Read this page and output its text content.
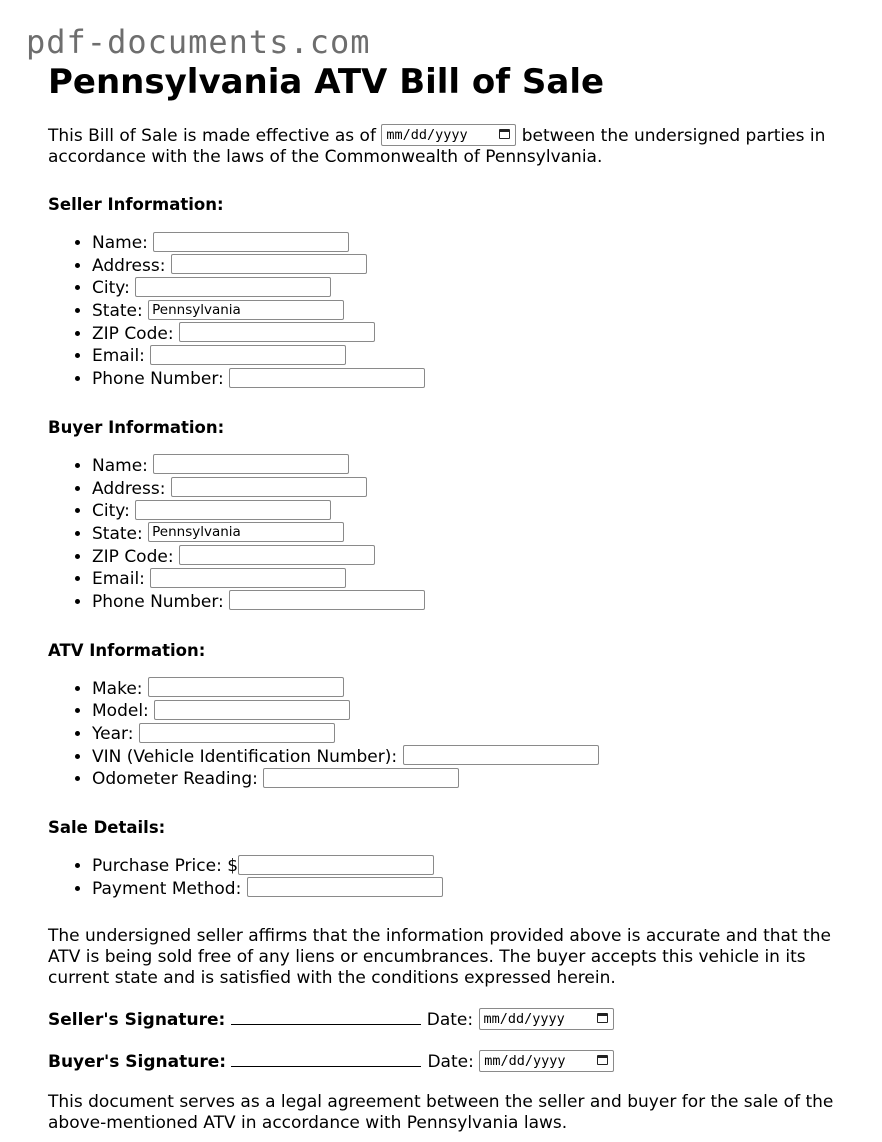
pdf-documents.com
Pennsylvania ATV Bill of Sale

This Bill of Sale is made effective as of mm/dd/yyyy	between the undersigned parties in accordance with the laws of the Commonwealth of Pennsylvania.

Seller Information:
• Name:
• Address:
• City:
• State: Pennsylvania
• ZIP Code:
• Email:
• Phone Number:
Buyer Information:
• Name:
• Address:
• City:
• State: Pennsylvania
• ZIP Code:
• Email:
• Phone Number:
ATV Information:
• Make:
• Model:
• Year:
• VIN (Vehicle Identification Number):
• Odometer Reading:
Sale Details:
• Purchase Price: $
• Payment Method:

The undersigned seller affirms that the information provided above is accurate and that the ATV is being sold free of any liens or encumbrances. The buyer accepts this vehicle in its current state and is satisfied with the conditions expressed herein.

Seller's Signature:	Date: mm/dd/yyyy
Buyer's Signature:	Date: mm/dd/yyyy

This document serves as a legal agreement between the seller and buyer for the sale of the above-mentioned ATV in accordance with Pennsylvania laws.
